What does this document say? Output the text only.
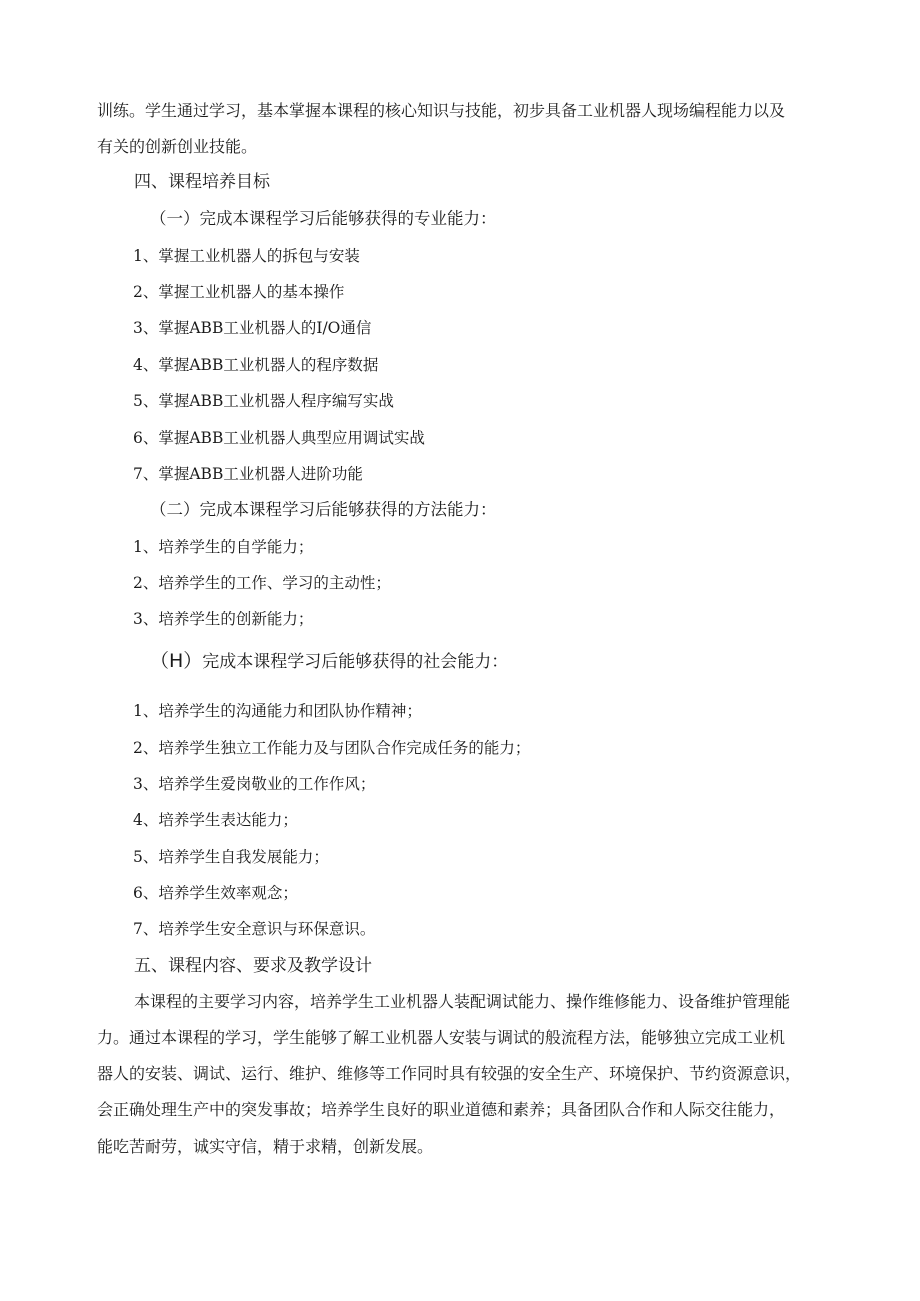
训练。学生通过学习，基本掌握本课程的核心知识与技能，初步具备工业机器人现场编程能力以及
有关的创新创业技能。
四、课程培养目标
（一）完成本课程学习后能够获得的专业能力：
1、掌握工业机器人的拆包与安装
2、掌握工业机器人的基本操作
3、掌握ABB工业机器人的I/O通信
4、掌握ABB工业机器人的程序数据
5、掌握ABB工业机器人程序编写实战
6、掌握ABB工业机器人典型应用调试实战
7、掌握ABB工业机器人进阶功能
（二）完成本课程学习后能够获得的方法能力：
1、培养学生的自学能力；
2、培养学生的工作、学习的主动性；
3、培养学生的创新能力；
（H）完成本课程学习后能够获得的社会能力：
1、培养学生的沟通能力和团队协作精神；
2、培养学生独立工作能力及与团队合作完成任务的能力；
3、培养学生爱岗敬业的工作作风；
4、培养学生表达能力；
5、培养学生自我发展能力；
6、培养学生效率观念；
7、培养学生安全意识与环保意识。
五、课程内容、要求及教学设计
本课程的主要学习内容，培养学生工业机器人装配调试能力、操作维修能力、设备维护管理能
力。通过本课程的学习，学生能够了解工业机器人安装与调试的般流程方法，能够独立完成工业机
器人的安装、调试、运行、维护、维修等工作同时具有较强的安全生产、环境保护、节约资源意识，
会正确处理生产中的突发事故；培养学生良好的职业道德和素养；具备团队合作和人际交往能力，
能吃苦耐劳，诚实守信，精于求精，创新发展。
